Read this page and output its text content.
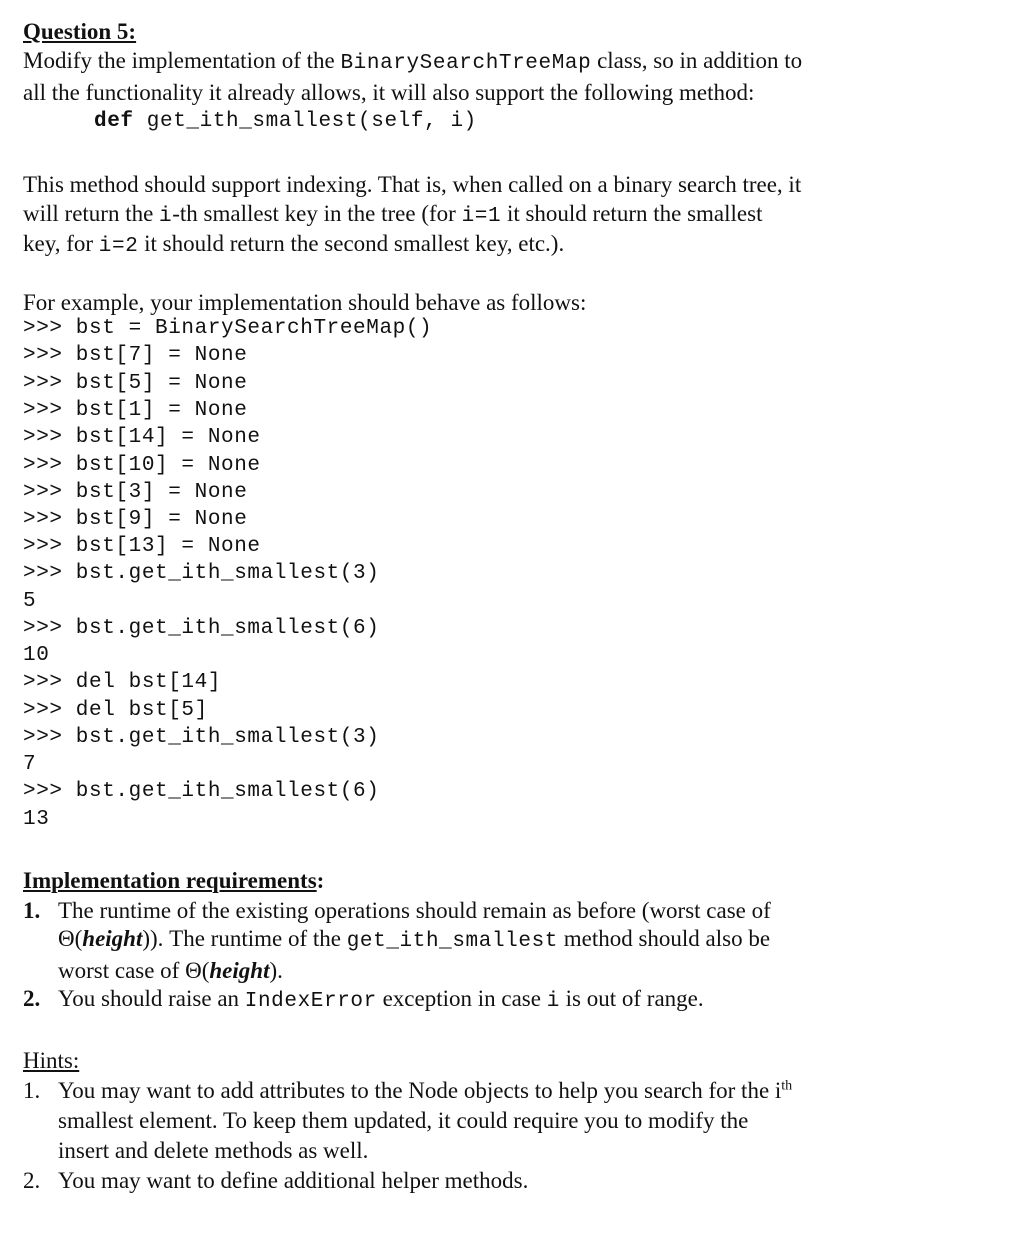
Question 5:
Modify the implementation of the BinarySearchTreeMap class, so in addition to
all the functionality it already allows, it will also support the following method:
def get_ith_smallest(self, i)
This method should support indexing. That is, when called on a binary search tree, it
will return the i-th smallest key in the tree (for i=1 it should return the smallest
key, for i=2 it should return the second smallest key, etc.).
For example, your implementation should behave as follows:
>>> bst = BinarySearchTreeMap()
>>> bst[7] = None
>>> bst[5] = None
>>> bst[1] = None
>>> bst[14] = None
>>> bst[10] = None
>>> bst[3] = None
>>> bst[9] = None
>>> bst[13] = None
>>> bst.get_ith_smallest(3)
5
>>> bst.get_ith_smallest(6)
10
>>> del bst[14]
>>> del bst[5]
>>> bst.get_ith_smallest(3)
7
>>> bst.get_ith_smallest(6)
13
Implementation requirements:
1. The runtime of the existing operations should remain as before (worst case of
Θ(height)). The runtime of the get_ith_smallest method should also be
worst case of Θ(height).
2. You should raise an IndexError exception in case i is out of range.
Hints:
1. You may want to add attributes to the Node objects to help you search for the $i^{th}$
smallest element. To keep them updated, it could require you to modify the
insert and delete methods as well.
2. You may want to define additional helper methods.
